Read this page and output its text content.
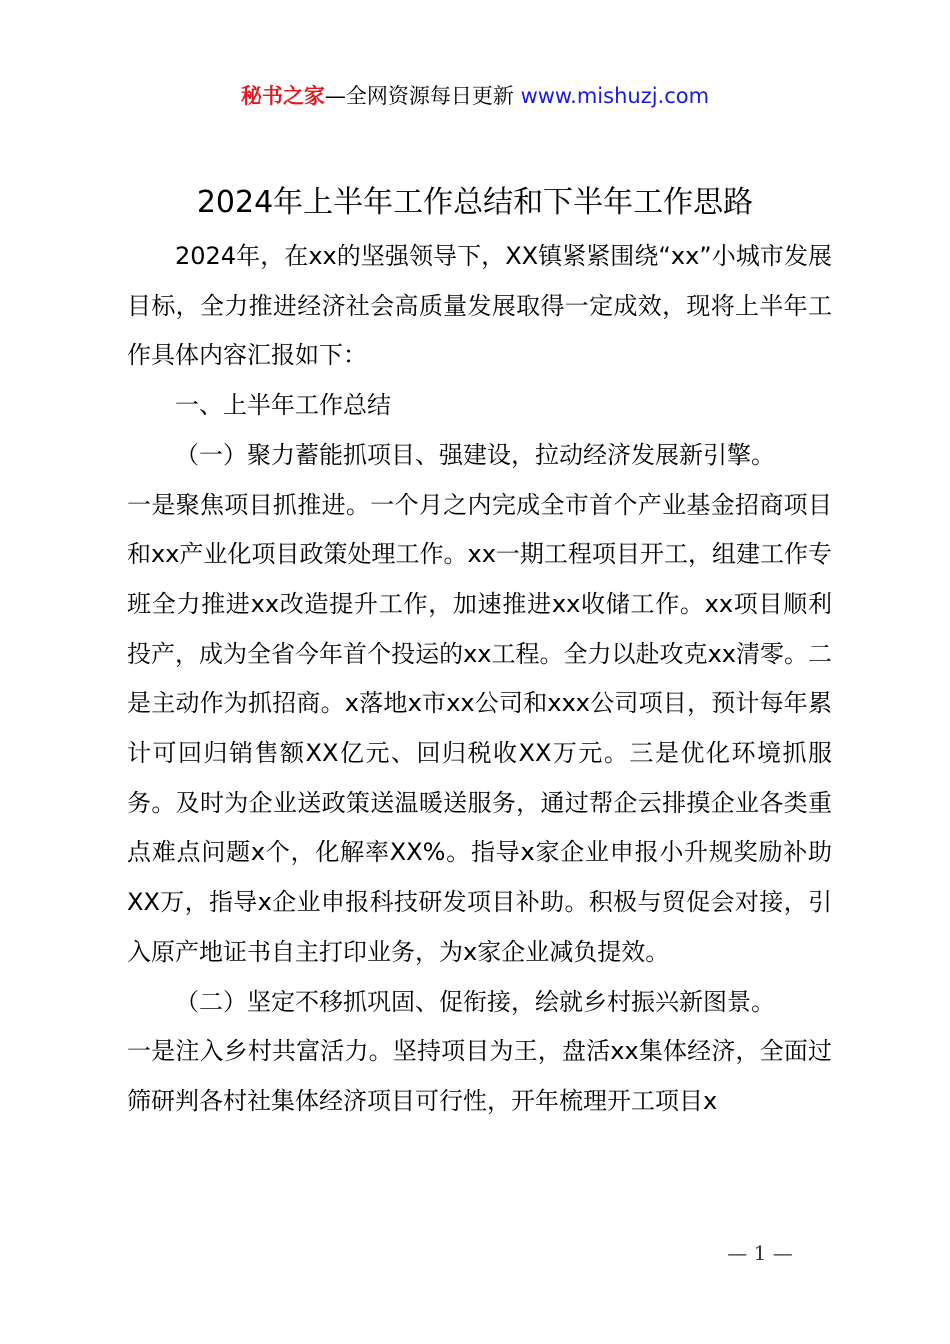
秘书之家—全网资源每日更新 www.mishuzj.com
2024年上半年工作总结和下半年工作思路

2024年，在xx的坚强领导下，XX镇紧紧围绕“xx”小城市发展目标，全力推进经济社会高质量发展取得一定成效，现将上半年工作具体内容汇报如下：

一、上半年工作总结

（一）聚力蓄能抓项目、强建设，拉动经济发展新引擎。

一是聚焦项目抓推进。一个月之内完成全市首个产业基金招商项目和xx产业化项目政策处理工作。xx一期工程项目开工，组建工作专班全力推进xx改造提升工作，加速推进xx收储工作。xx项目顺利投产，成为全省今年首个投运的xx工程。全力以赴攻克xx清零。二是主动作为抓招商。x落地x市xx公司和xxx公司项目，预计每年累计可回归销售额XX亿元、回归税收XX万元。三是优化环境抓服务。及时为企业送政策送温暖送服务，通过帮企云排摸企业各类重点难点问题x个，化解率XX%。指导x家企业申报小升规奖励补助XX万，指导x企业申报科技研发项目补助。积极与贸促会对接，引入原产地证书自主打印业务，为x家企业减负提效。

（二）坚定不移抓巩固、促衔接，绘就乡村振兴新图景。

一是注入乡村共富活力。坚持项目为王，盘活xx集体经济，全面过筛研判各村社集体经济项目可行性，开年梳理开工项目x

— 1 —
